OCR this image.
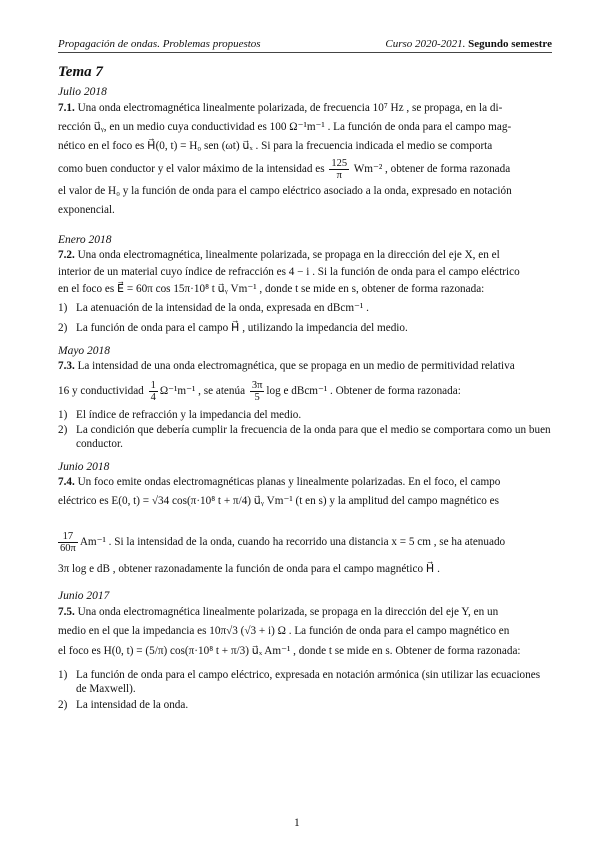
Propagación de ondas. Problemas propuestos	Curso 2020-2021. Segundo semestre
Tema 7
Julio 2018
7.1. Una onda electromagnética linealmente polarizada, de frecuencia 10⁷ Hz , se propaga, en la di-
rección u⃗ᵧ, en un medio cuya conductividad es 100 Ω⁻¹m⁻¹ . La función de onda para el campo mag-
nético en el foco es H⃗(0, t) = H₀ sen (ωt) u⃗ₓ . Si para la frecuencia indicada el medio se comporta
como buen conductor y el valor máximo de la intensidad es $\frac{125}{\pi} Wm^{-2}$ , obtener de forma razonada
el valor de H₀ y la función de onda para el campo eléctrico asociado a la onda, expresado en notación
exponencial.
Enero 2018
7.2. Una onda electromagnética, linealmente polarizada, se propaga en la dirección del eje X, en el
interior de un material cuyo índice de refracción es 4 − i . Si la función de onda para el campo eléctrico
en el foco es E⃗ = 60π cos 15π·10⁸ t u⃗ᵧ Vm⁻¹ , donde t se mide en s, obtener de forma razonada:
1) La atenuación de la intensidad de la onda, expresada en dBcm⁻¹ .
2) La función de onda para el campo H⃗ , utilizando la impedancia del medio.
Mayo 2018
7.3. La intensidad de una onda electromagnética, que se propaga en un medio de permitividad relativa
16 y conductividad $\frac{1}{4} \Omega^{-1}m^{-1}$ , se atenúa $\frac{3\pi}{5}$ log e dBcm⁻¹ . Obtener de forma razonada:
1) El índice de refracción y la impedancia del medio.
2) La condición que debería cumplir la frecuencia de la onda para que el medio se comportara como un buen conductor.
Junio 2018
7.4. Un foco emite ondas electromagnéticas planas y linealmente polarizadas. En el foco, el campo
eléctrico es E(0, t) = √34 cos(π·10⁸ t + π/4) u⃗ᵧ Vm⁻¹ (t en s) y la amplitud del campo magnético es
$\frac{17}{60\pi} Am^{-1}$ . Si la intensidad de la onda, cuando ha recorrido una distancia x = 5 cm , se ha atenuado
3π log e dB , obtener razonadamente la función de onda para el campo magnético H⃗ .
Junio 2017
7.5. Una onda electromagnética linealmente polarizada, se propaga en la dirección del eje Y, en un
medio en el que la impedancia es 10π√3 (√3 + i) Ω . La función de onda para el campo magnético en
el foco es H(0, t) = (5/π) cos(π·10⁸ t + π/3) u⃗ₓ Am⁻¹ , donde t se mide en s. Obtener de forma razonada:
1) La función de onda para el campo eléctrico, expresada en notación armónica (sin utilizar las ecuaciones de Maxwell).
2) La intensidad de la onda.
1
